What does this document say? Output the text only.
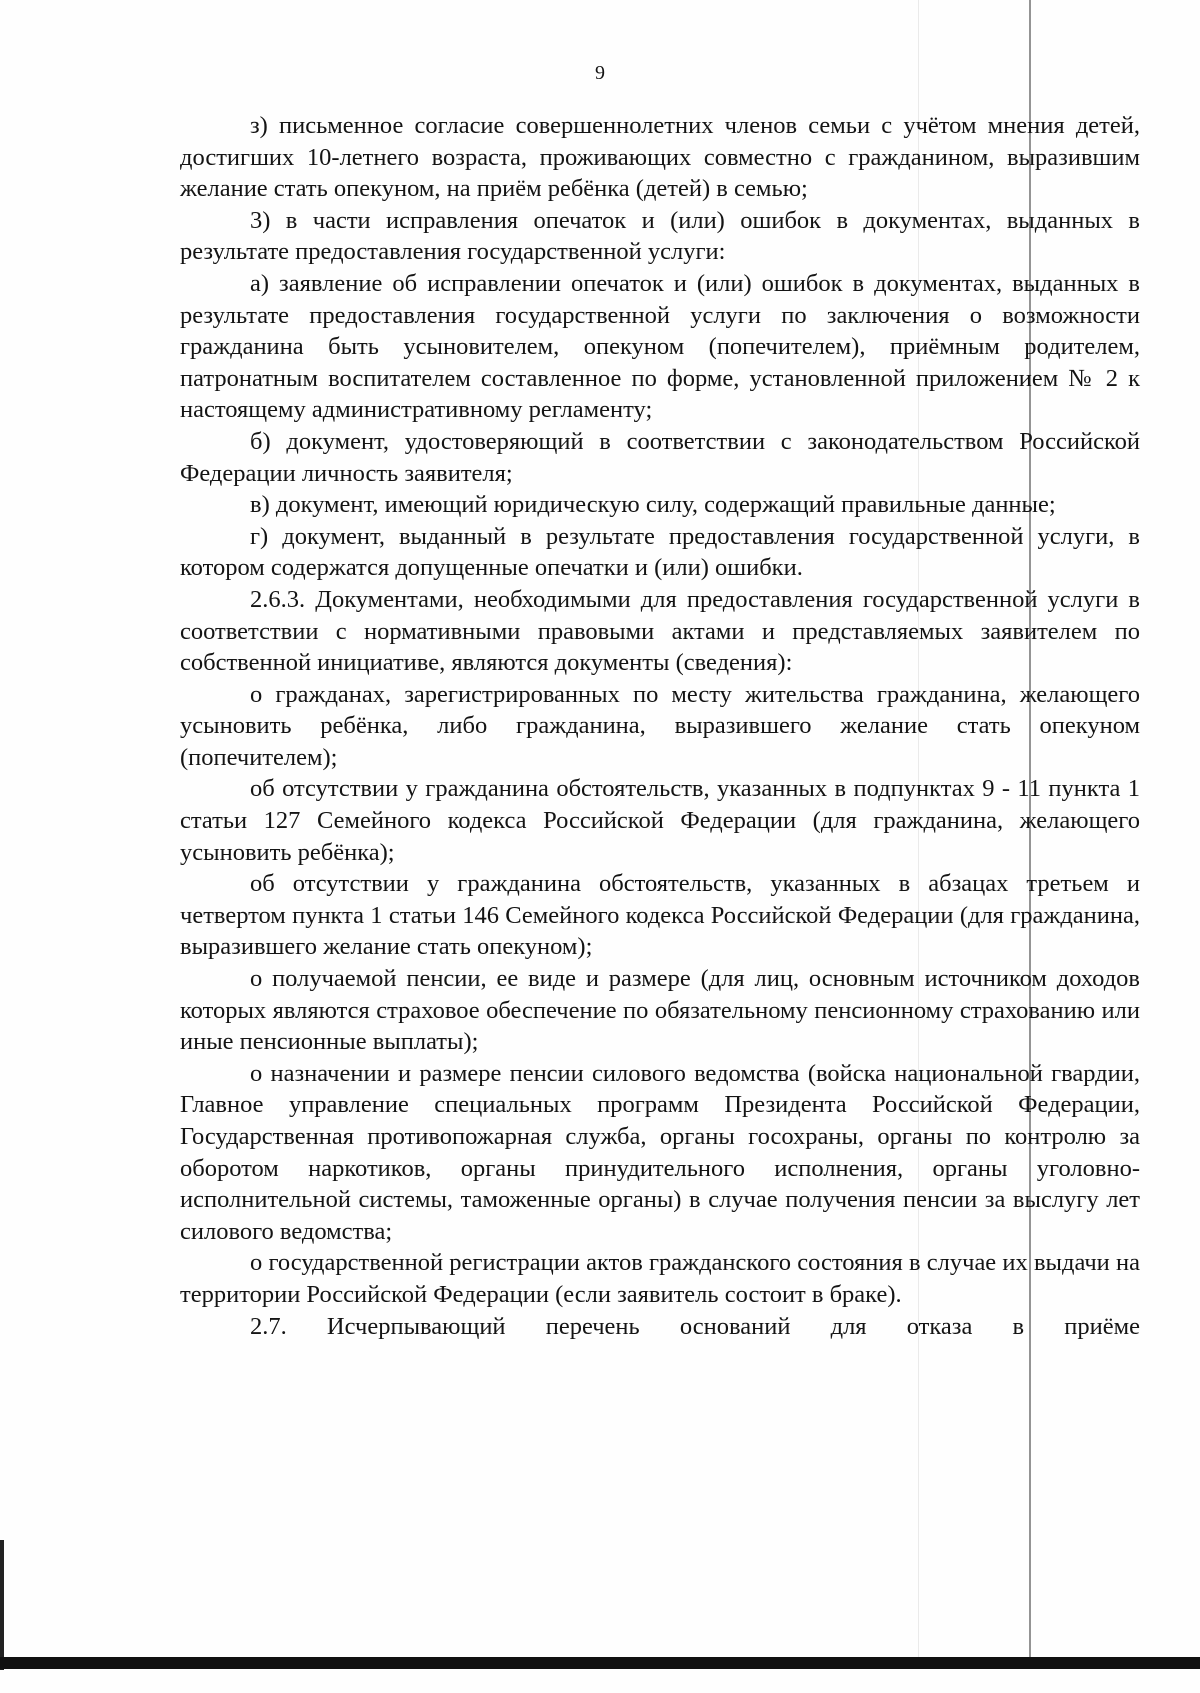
9

з) письменное согласие совершеннолетних членов семьи с учётом мнения детей, достигших 10-летнего возраста, проживающих совместно с гражданином, выразившим желание стать опекуном, на приём ребёнка (детей) в семью;

3) в части исправления опечаток и (или) ошибок в документах, выданных в результате предоставления государственной услуги:

а) заявление об исправлении опечаток и (или) ошибок в документах, выданных в результате предоставления государственной услуги по заключения о возможности гражданина быть усыновителем, опекуном (попечителем), приёмным родителем, патронатным воспитателем составленное по форме, установленной приложением № 2 к настоящему административному регламенту;

б) документ, удостоверяющий в соответствии с законодательством Российской Федерации личность заявителя;

в) документ, имеющий юридическую силу, содержащий правильные данные;

г) документ, выданный в результате предоставления государственной услуги, в котором содержатся допущенные опечатки и (или) ошибки.

2.6.3. Документами, необходимыми для предоставления государственной услуги в соответствии с нормативными правовыми актами и представляемых заявителем по собственной инициативе, являются документы (сведения):

о гражданах, зарегистрированных по месту жительства гражданина, желающего усыновить ребёнка, либо гражданина, выразившего желание стать опекуном (попечителем);

об отсутствии у гражданина обстоятельств, указанных в подпунктах 9 - 11 пункта 1 статьи 127 Семейного кодекса Российской Федерации (для гражданина, желающего усыновить ребёнка);

об отсутствии у гражданина обстоятельств, указанных в абзацах третьем и четвертом пункта 1 статьи 146 Семейного кодекса Российской Федерации (для гражданина, выразившего желание стать опекуном);

о получаемой пенсии, ее виде и размере (для лиц, основным источником доходов которых являются страховое обеспечение по обязательному пенсионному страхованию или иные пенсионные выплаты);

о назначении и размере пенсии силового ведомства (войска национальной гвардии, Главное управление специальных программ Президента Российской Федерации, Государственная противопожарная служба, органы госохраны, органы по контролю за оборотом наркотиков, органы принудительного исполнения, органы уголовно-исполнительной системы, таможенные органы) в случае получения пенсии за выслугу лет силового ведомства;

о государственной регистрации актов гражданского состояния в случае их выдачи на территории Российской Федерации (если заявитель состоит в браке).

2.7. Исчерпывающий перечень оснований для отказа в приёме
